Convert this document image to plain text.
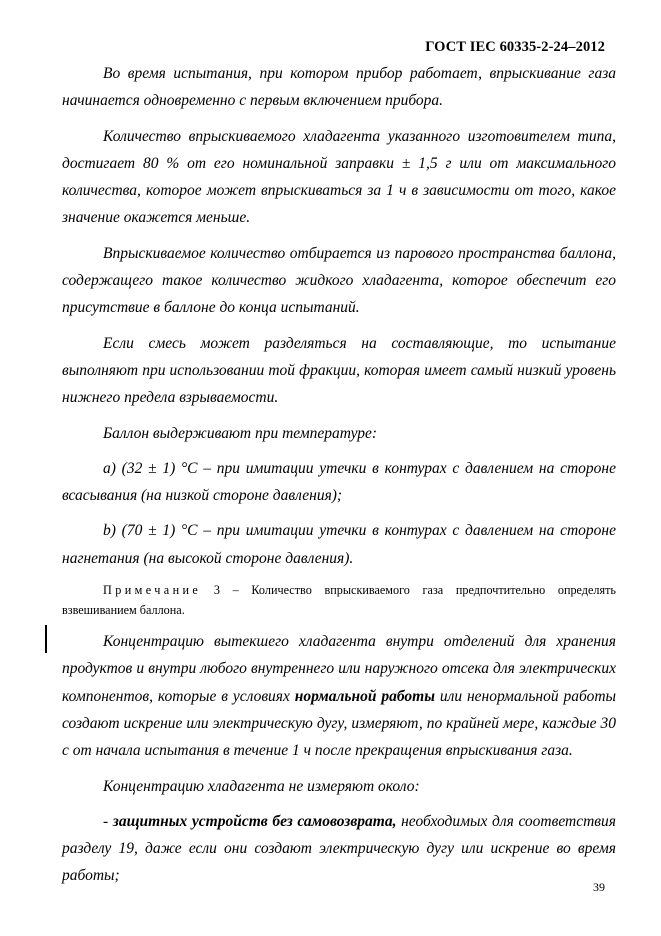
ГОСТ IEC 60335-2-24–2012

Во время испытания, при котором прибор работает, впрыскивание газа начинается одновременно с первым включением прибора.

Количество впрыскиваемого хладагента указанного изготовителем типа, достигает 80 % от его номинальной заправки ± 1,5 г или от максимального количества, которое может впрыскиваться за 1 ч в зависимости от того, какое значение окажется меньше.

Впрыскиваемое количество отбирается из парового пространства баллона, содержащего такое количество жидкого хладагента, которое обеспечит его присутствие в баллоне до конца испытаний.

Если смесь может разделяться на составляющие, то испытание выполняют при использовании той фракции, которая имеет самый низкий уровень нижнего предела взрываемости.

Баллон выдерживают при температуре:

a) (32 ± 1) °C – при имитации утечки в контурах с давлением на стороне всасывания (на низкой стороне давления);

b) (70 ± 1) °C – при имитации утечки в контурах с давлением на стороне нагнетания (на высокой стороне давления).

Примечание 3 – Количество впрыскиваемого газа предпочтительно определять взвешиванием баллона.

Концентрацию вытекшего хладагента внутри отделений для хранения продуктов и внутри любого внутреннего или наружного отсека для электрических компонентов, которые в условиях нормальной работы или ненормальной работы создают искрение или электрическую дугу, измеряют, по крайней мере, каждые 30 с от начала испытания в течение 1 ч после прекращения впрыскивания газа.

Концентрацию хладагента не измеряют около:

- защитных устройств без самовозврата, необходимых для соответствия разделу 19, даже если они создают электрическую дугу или искрение во время работы;

39
